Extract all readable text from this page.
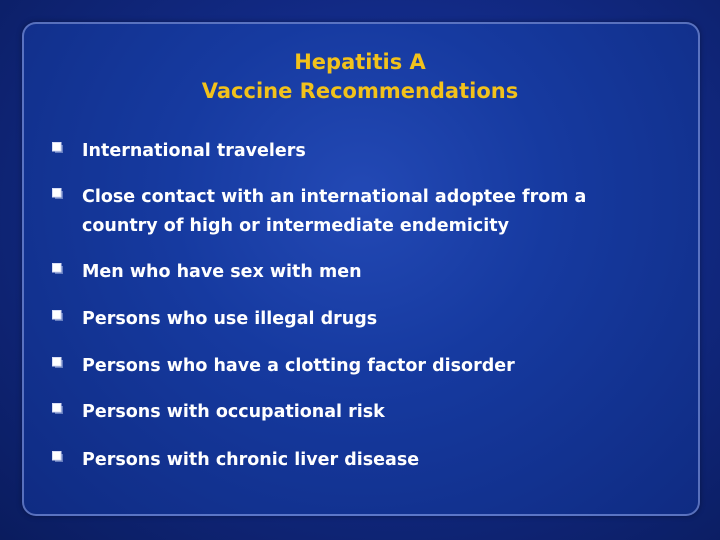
Hepatitis A
Vaccine Recommendations
International travelers
Close contact with an international adoptee from a country of high or intermediate endemicity
Men who have sex with men
Persons who use illegal drugs
Persons who have a clotting factor disorder
Persons with occupational risk
Persons with chronic liver disease
